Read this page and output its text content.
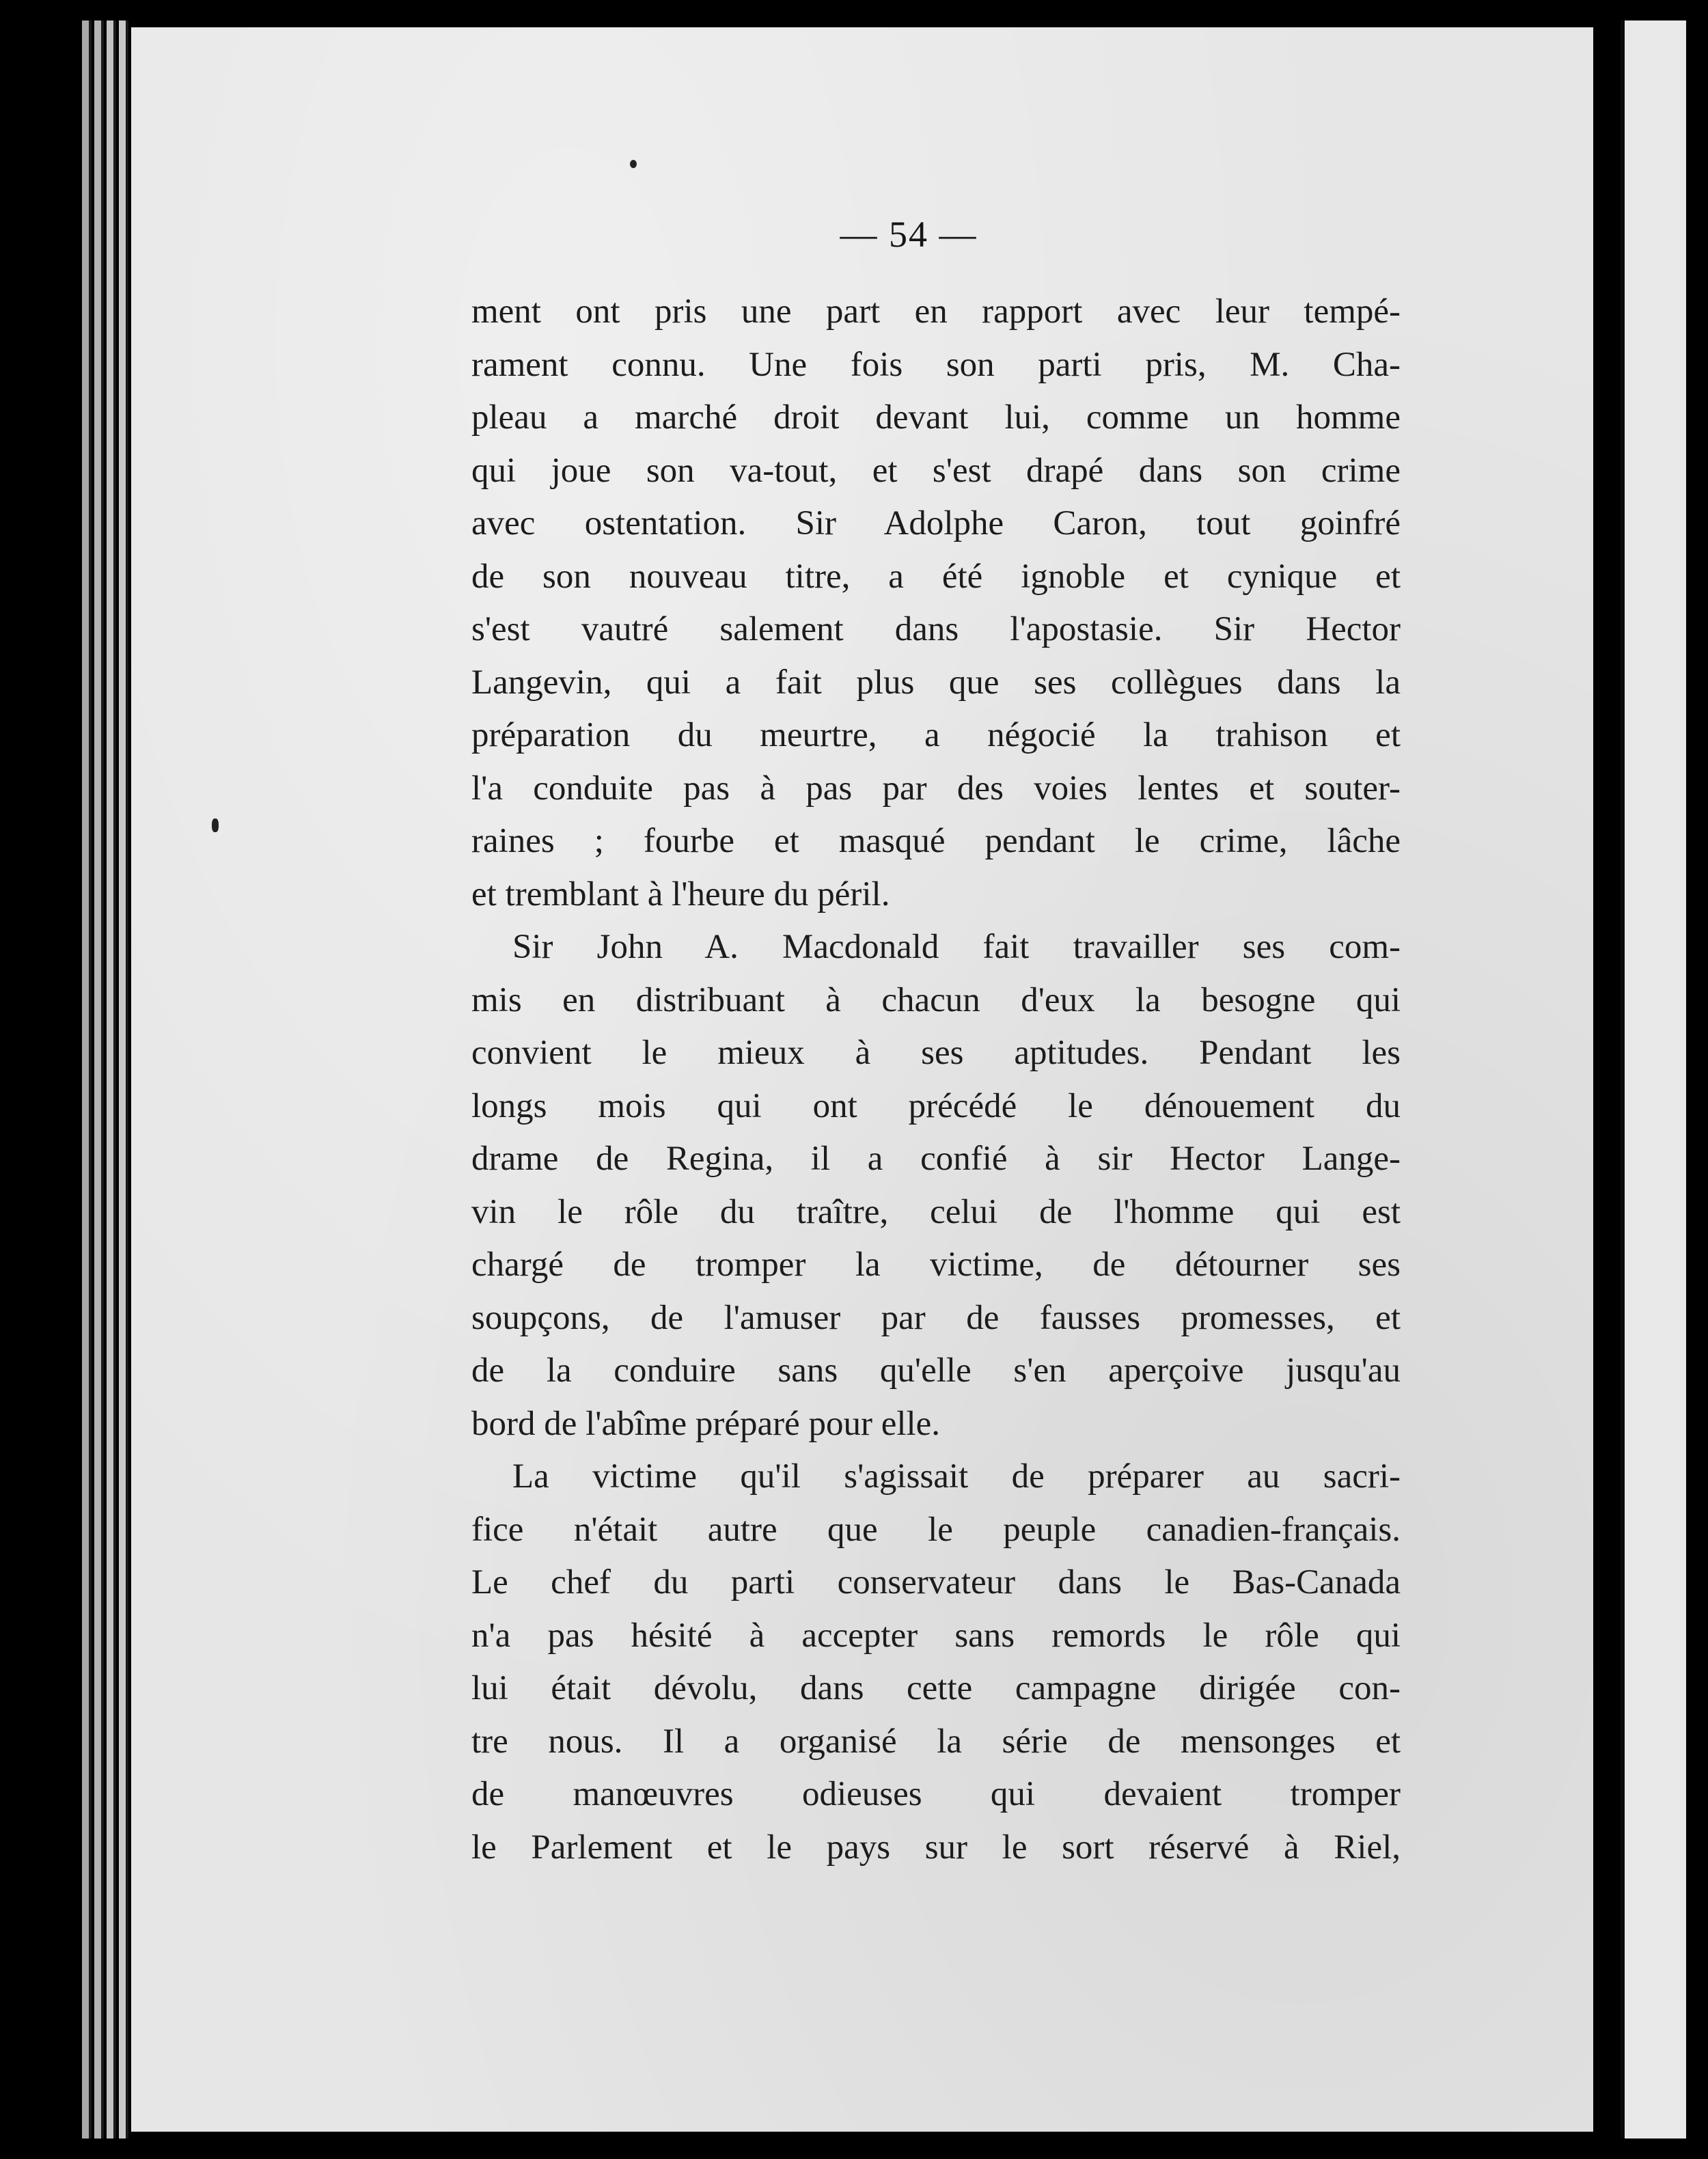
— 54 —
ment ont pris une part en rapport avec leur tempé-
rament connu. Une fois son parti pris, M. Cha-
pleau a marché droit devant lui, comme un homme
qui joue son va-tout, et s'est drapé dans son crime
avec ostentation. Sir Adolphe Caron, tout goinfré
de son nouveau titre, a été ignoble et cynique et
s'est vautré salement dans l'apostasie. Sir Hector
Langevin, qui a fait plus que ses collègues dans la
préparation du meurtre, a négocié la trahison et
l'a conduite pas à pas par des voies lentes et souter-
raines ; fourbe et masqué pendant le crime, lâche
et tremblant à l'heure du péril.
Sir John A. Macdonald fait travailler ses com-
mis en distribuant à chacun d'eux la besogne qui
convient le mieux à ses aptitudes. Pendant les
longs mois qui ont précédé le dénouement du
drame de Regina, il a confié à sir Hector Lange-
vin le rôle du traître, celui de l'homme qui est
chargé de tromper la victime, de détourner ses
soupçons, de l'amuser par de fausses promesses, et
de la conduire sans qu'elle s'en aperçoive jusqu'au
bord de l'abîme préparé pour elle.
La victime qu'il s'agissait de préparer au sacri-
fice n'était autre que le peuple canadien-français.
Le chef du parti conservateur dans le Bas-Canada
n'a pas hésité à accepter sans remords le rôle qui
lui était dévolu, dans cette campagne dirigée con-
tre nous. Il a organisé la série de mensonges et
de manœuvres odieuses qui devaient tromper
le Parlement et le pays sur le sort réservé à Riel,
